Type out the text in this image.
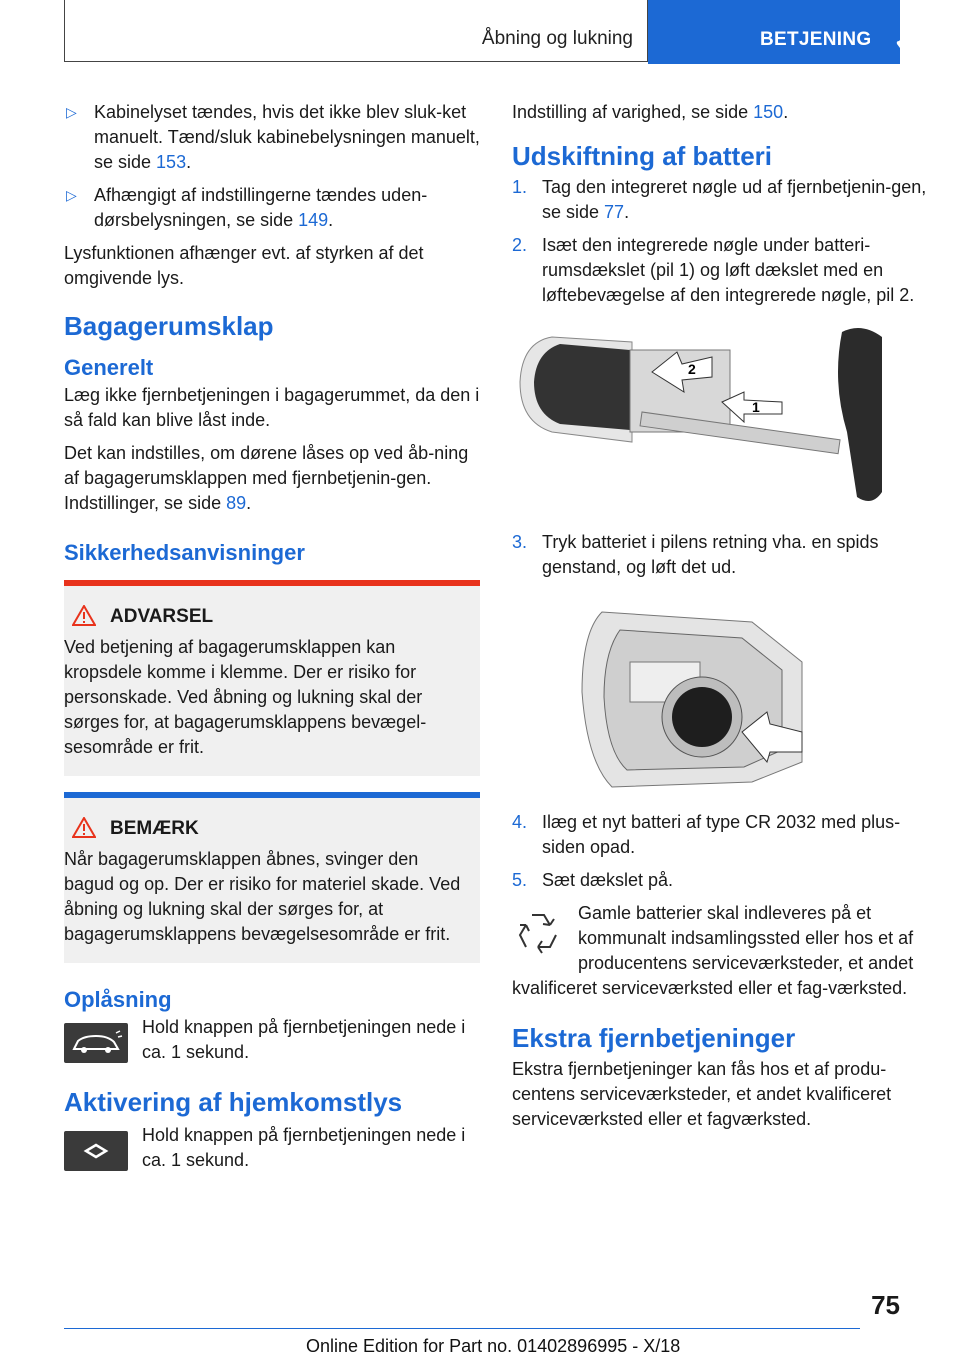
Åbning og lukning	BETJENING
▷ Kabinelyset tændes, hvis det ikke blev sluk-ket manuelt. Tænd/sluk kabinebelysningen manuelt, se side 153.
▷ Afhængigt af indstillingerne tændes uden-dørsbelysningen, se side 149.

Lysfunktionen afhænger evt. af styrken af det omgivende lys.

Bagagerumsklap
Generelt

Læg ikke fjernbetjeningen i bagagerummet, da den i så fald kan blive låst inde.

Det kan indstilles, om dørene låses op ved åb-ning af bagagerumsklappen med fjernbetjenin-gen. Indstillinger, se side 89.

Sikkerhedsanvisninger
ADVARSEL

Ved betjening af bagagerumsklappen kan kropsdele komme i klemme. Der er risiko for personskade. Ved åbning og lukning skal der sørges for, at bagagerumsklappens bevægel-sesområde er frit.

BEMÆRK

Når bagagerumsklappen åbnes, svinger den bagud og op. Der er risiko for materiel skade. Ved åbning og lukning skal der sørges for, at bagagerumsklappens bevægelsesområde er frit.

Oplåsning

Hold knappen på fjernbetjeningen nede i ca. 1 sekund.

Aktivering af hjemkomstlys

Hold knappen på fjernbetjeningen nede i ca. 1 sekund.

Indstilling af varighed, se side 150.

Udskiftning af batteri
1. Tag den integreret nøgle ud af fjernbetjenin-gen, se side 77.
2. Isæt den integrerede nøgle under batteri-rumsdækslet (pil 1) og løft dækslet med en løftebevægelse af den integrerede nøgle, pil 2.
2
1
3. Tryk batteriet i pilens retning vha. en spids genstand, og løft det ud.
4. Ilæg et nyt batteri af type CR 2032 med plus-siden opad.
5. Sæt dækslet på.

Gamle batterier skal indleveres på et kommunalt indsamlingssted eller hos et af producentens serviceværksteder, et andet kvalificeret serviceværksted eller et fag-værksted.

Ekstra fjernbetjeninger

Ekstra fjernbetjeninger kan fås hos et af produ-centens serviceværksteder, et andet kvalificeret serviceværksted eller et fagværksted.

75
Online Edition for Part no. 01402896995 - X/18
